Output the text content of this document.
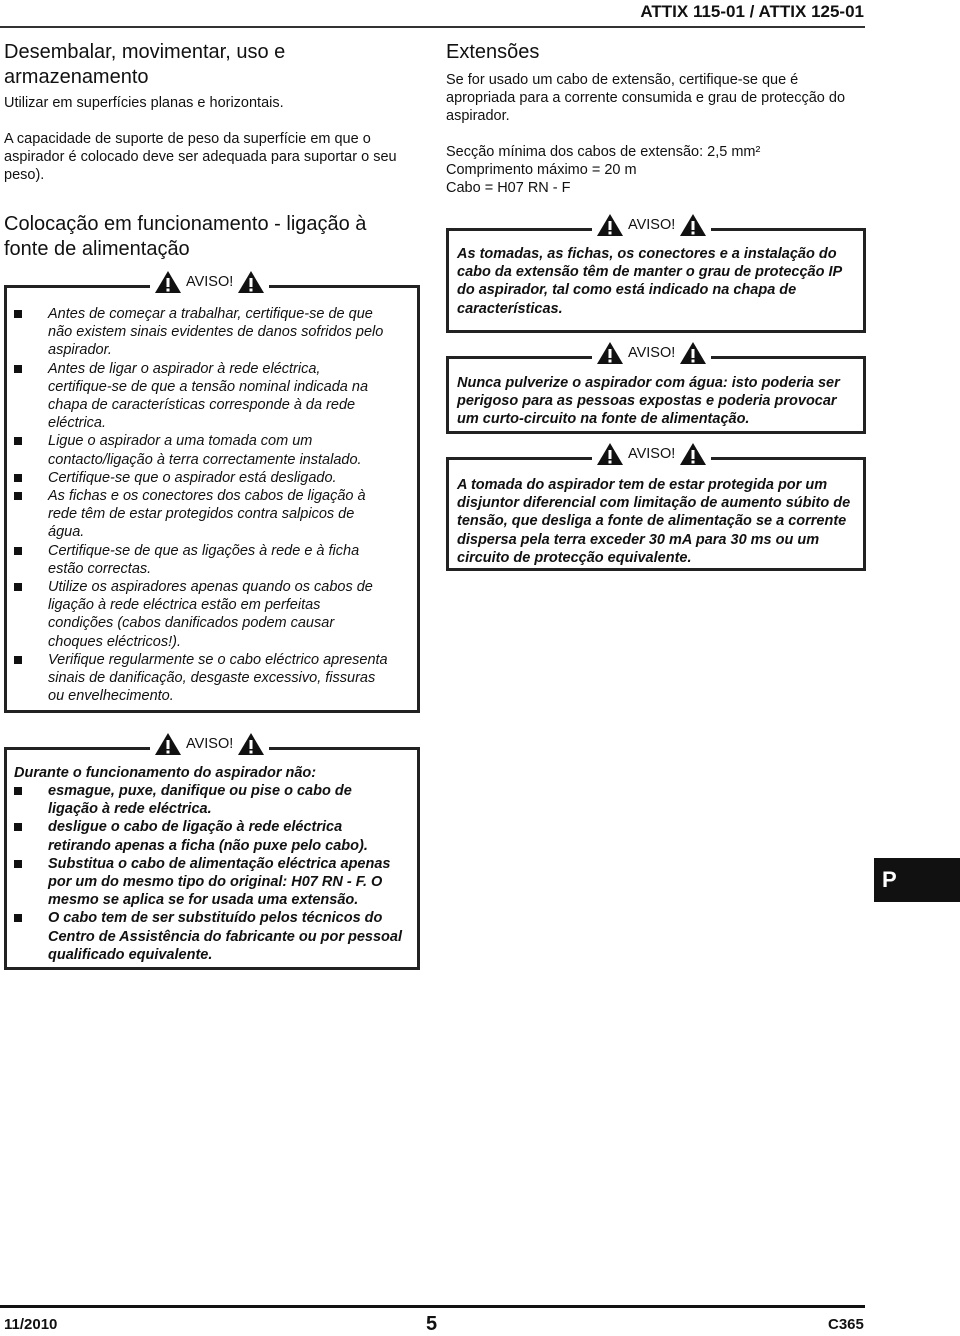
ATTIX 115-01 / ATTIX 125-01
Desembalar, movimentar, uso e armazenamento

Utilizar em superfícies planas e horizontais.

A capacidade de suporte de peso da superfície em que o aspirador é colocado deve ser adequada para suportar o seu peso).

Colocação em funcionamento - ligação à fonte de alimentação
AVISO!
Antes de começar a trabalhar, certifique-se de que não existem sinais evidentes de danos sofridos pelo aspirador.
Antes de ligar o aspirador à rede eléctrica, certifique-se de que a tensão nominal indicada na chapa de características corresponde à da rede eléctrica.
Ligue o aspirador a uma tomada com um contacto/ligação à terra correctamente instalado.
Certifique-se que o aspirador está desligado.
As fichas e os conectores dos cabos de ligação à rede têm de estar protegidos contra salpicos de água.
Certifique-se de que as ligações à rede e à ficha estão correctas.
Utilize os aspiradores apenas quando os cabos de ligação à rede eléctrica estão em perfeitas condições (cabos danificados podem causar choques eléctricos!).
Verifique regularmente se o cabo eléctrico apresenta sinais de danificação, desgaste excessivo, fissuras ou envelhecimento.
AVISO!

Durante o funcionamento do aspirador não:

esmague, puxe, danifique ou pise o cabo de ligação à rede eléctrica.
desligue o cabo de ligação à rede eléctrica retirando apenas a ficha (não puxe pelo cabo).
Substitua o cabo de alimentação eléctrica apenas por um do mesmo tipo do original: H07 RN - F. O mesmo se aplica se for usada uma extensão.
O cabo tem de ser substituído pelos técnicos do Centro de Assistência do fabricante ou por pessoal qualificado equivalente.
Extensões

Se for usado um cabo de extensão, certifique-se que é apropriada para a corrente consumida e grau de protecção do aspirador.

Secção mínima dos cabos de extensão: 2,5 mm²

Comprimento máximo = 20 m

Cabo = H07 RN - F

AVISO!

As tomadas, as fichas, os conectores e a instalação do cabo da extensão têm de manter o grau de protecção IP do aspirador, tal como está indicado na chapa de características.

AVISO!

Nunca pulverize o aspirador com água: isto poderia ser perigoso para as pessoas expostas e poderia provocar um curto-circuito na fonte de alimentação.

AVISO!

A tomada do aspirador tem de estar protegida por um disjuntor diferencial com limitação de aumento súbito de tensão, que desliga a fonte de alimentação se a corrente dispersa pela terra exceder 30 mA para 30 ms ou um circuito de protecção equivalente.

P
11/2010	5	C365
